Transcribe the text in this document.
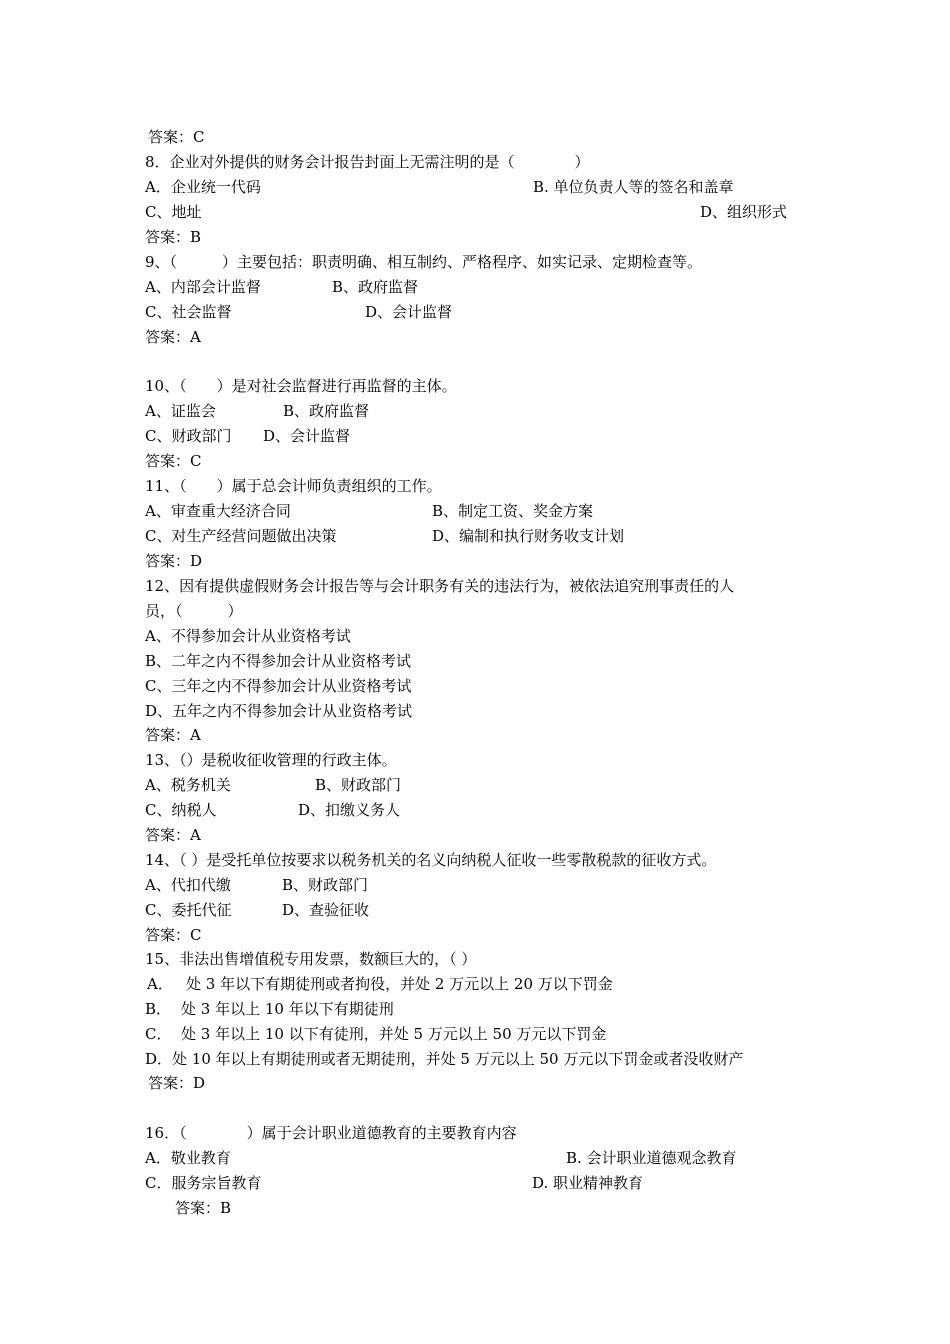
答案：C
8．企业对外提供的财务会计报告封面上无需注明的是（　　　　）
A．企业统一代码	B. 单位负责人等的签名和盖章
C、地址	D、组织形式
答案：B
9、（　　　）主要包括：职责明确、相互制约、严格程序、如实记录、定期检查等。
A、内部会计监督	B、政府监督
C、社会监督	D、会计监督
答案：A
10、（　　）是对社会监督进行再监督的主体。
A、证监会	B、政府监督
C、财政部门 D、会计监督
答案：C
11、（　　）属于总会计师负责组织的工作。
A、审查重大经济合同	B、制定工资、奖金方案
C、对生产经营问题做出决策	D、编制和执行财务收支计划
答案：D
12、因有提供虚假财务会计报告等与会计职务有关的违法行为，被依法追究刑事责任的人
员，（　　　）
A、不得参加会计从业资格考试
B、二年之内不得参加会计从业资格考试
C、三年之内不得参加会计从业资格考试
D、五年之内不得参加会计从业资格考试
答案：A
13、（）是税收征收管理的行政主体。
A、税务机关	B、财政部门
C、纳税人	D、扣缴义务人
答案：A
14、（ ）是受托单位按要求以税务机关的名义向纳税人征收一些零散税款的征收方式。
A、代扣代缴	B、财政部门
C、委托代征	D、查验征收
答案：C
15、非法出售增值税专用发票，数额巨大的，（ ）
A． 处 3 年以下有期徒刑或者拘役，并处 2 万元以上 20 万以下罚金
B． 处 3 年以上 10 年以下有期徒刑
C． 处 3 年以上 10 以下有徒刑，并处 5 万元以上 50 万元以下罚金
D．处 10 年以上有期徒刑或者无期徒刑，并处 5 万元以上 50 万元以下罚金或者没收财产
答案：D
16．（　　　　）属于会计职业道德教育的主要教育内容
A．敬业教育	B. 会计职业道德观念教育
C．服务宗旨教育	D. 职业精神教育
答案：B
